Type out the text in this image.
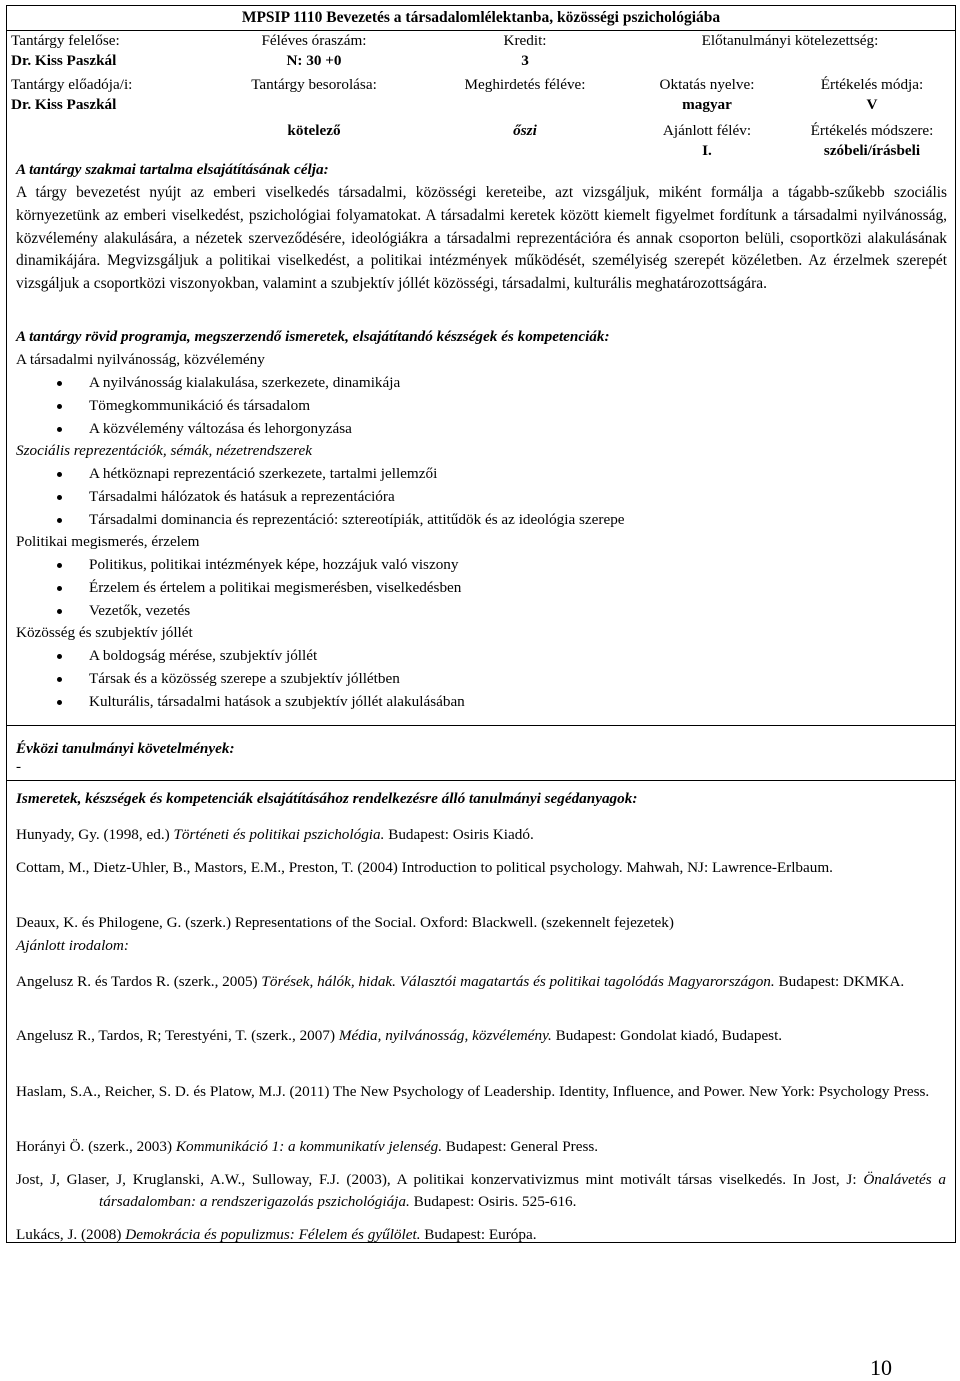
MPSIP 1110 Bevezetés a társadalomlélektanba, közösségi pszichológiába
Tantárgy felelőse:
Dr. Kiss Paszkál
Féléves óraszám:
N: 30 +0
Kredit:
3
Előtanulmányi kötelezettség:
Tantárgy előadója/i:
Dr. Kiss Paszkál
Tantárgy besorolása:
kötelező
Meghirdetés féléve:
őszi
Oktatás nyelve:
magyar
Értékelés módja:
V
Ajánlott félév:
I.
Értékelés módszere:
szóbeli/írásbeli
A tantárgy szakmai tartalma elsajátításának célja:
A tárgy bevezetést nyújt az emberi viselkedés társadalmi, közösségi kereteibe, azt vizsgáljuk, miként formálja a tágabb-szűkebb szociális környezetünk az emberi viselkedést, pszichológiai folyamatokat. A társadalmi keretek között kiemelt figyelmet fordítunk a társadalmi nyilvánosság, közvélemény alakulására, a nézetek szerveződésére, ideológiákra a társadalmi reprezentációra és annak csoporton belüli, csoportközi alakulásának dinamikájára. Megvizsgáljuk a politikai viselkedést, a politikai intézmények működését, személyiség szerepét közéletben. Az érzelmek szerepét vizsgáljuk a csoportközi viszonyokban, valamint a szubjektív jóllét közösségi, társadalmi, kulturális meghatározottságára.
A tantárgy rövid programja, megszerzendő ismeretek, elsajátítandó készségek és kompetenciák:
A társadalmi nyilvánosság, közvélemény
A nyilvánosság kialakulása, szerkezete, dinamikája
Tömegkommunikáció és társadalom
A közvélemény változása és lehorgonyzása
Szociális reprezentációk, sémák, nézetrendszerek
A hétköznapi reprezentáció szerkezete, tartalmi jellemzői
Társadalmi hálózatok és hatásuk a reprezentációra
Társadalmi dominancia és reprezentáció: sztereotípiák, attitűdök és az ideológia szerepe
Politikai megismerés, érzelem
Politikus, politikai intézmények képe, hozzájuk való viszony
Érzelem és értelem a politikai megismerésben, viselkedésben
Vezetők, vezetés
Közösség és szubjektív jóllét
A boldogság mérése, szubjektív jóllét
Társak és a közösség szerepe a szubjektív jóllétben
Kulturális, társadalmi hatások a szubjektív jóllét alakulásában
Évközi tanulmányi követelmények:
-
Ismeretek, készségek és kompetenciák elsajátításához rendelkezésre álló tanulmányi segédanyagok:
Hunyady, Gy. (1998, ed.) Történeti és politikai pszichológia. Budapest: Osiris Kiadó.
Cottam, M., Dietz-Uhler, B., Mastors, E.M., Preston, T. (2004) Introduction to political psychology. Mahwah, NJ: Lawrence-Erlbaum.
Deaux, K. és Philogene, G. (szerk.) Representations of the Social. Oxford: Blackwell. (szekennelt fejezetek)
Ajánlott irodalom:
Angelusz R. és Tardos R. (szerk., 2005) Törések, hálók, hidak. Választói magatartás és politikai tagolódás Magyarországon. Budapest: DKMKA.
Angelusz R., Tardos, R; Terestyéni, T. (szerk., 2007) Média, nyilvánosság, közvélemény. Budapest: Gondolat kiadó, Budapest.
Haslam, S.A., Reicher, S. D. és Platow, M.J. (2011) The New Psychology of Leadership. Identity, Influence, and Power. New York: Psychology Press.
Horányi Ö. (szerk., 2003) Kommunikáció 1: a kommunikatív jelenség. Budapest: General Press.
Jost, J, Glaser, J, Kruglanski, A.W., Sulloway, F.J. (2003), A politikai konzervativizmus mint motivált társas viselkedés. In Jost, J: Önalávetés a társadalomban: a rendszerigazolás pszichológiája. Budapest: Osiris. 525-616.
Lukács, J. (2008) Demokrácia és populizmus: Félelem és gyűlölet. Budapest: Európa.
10
